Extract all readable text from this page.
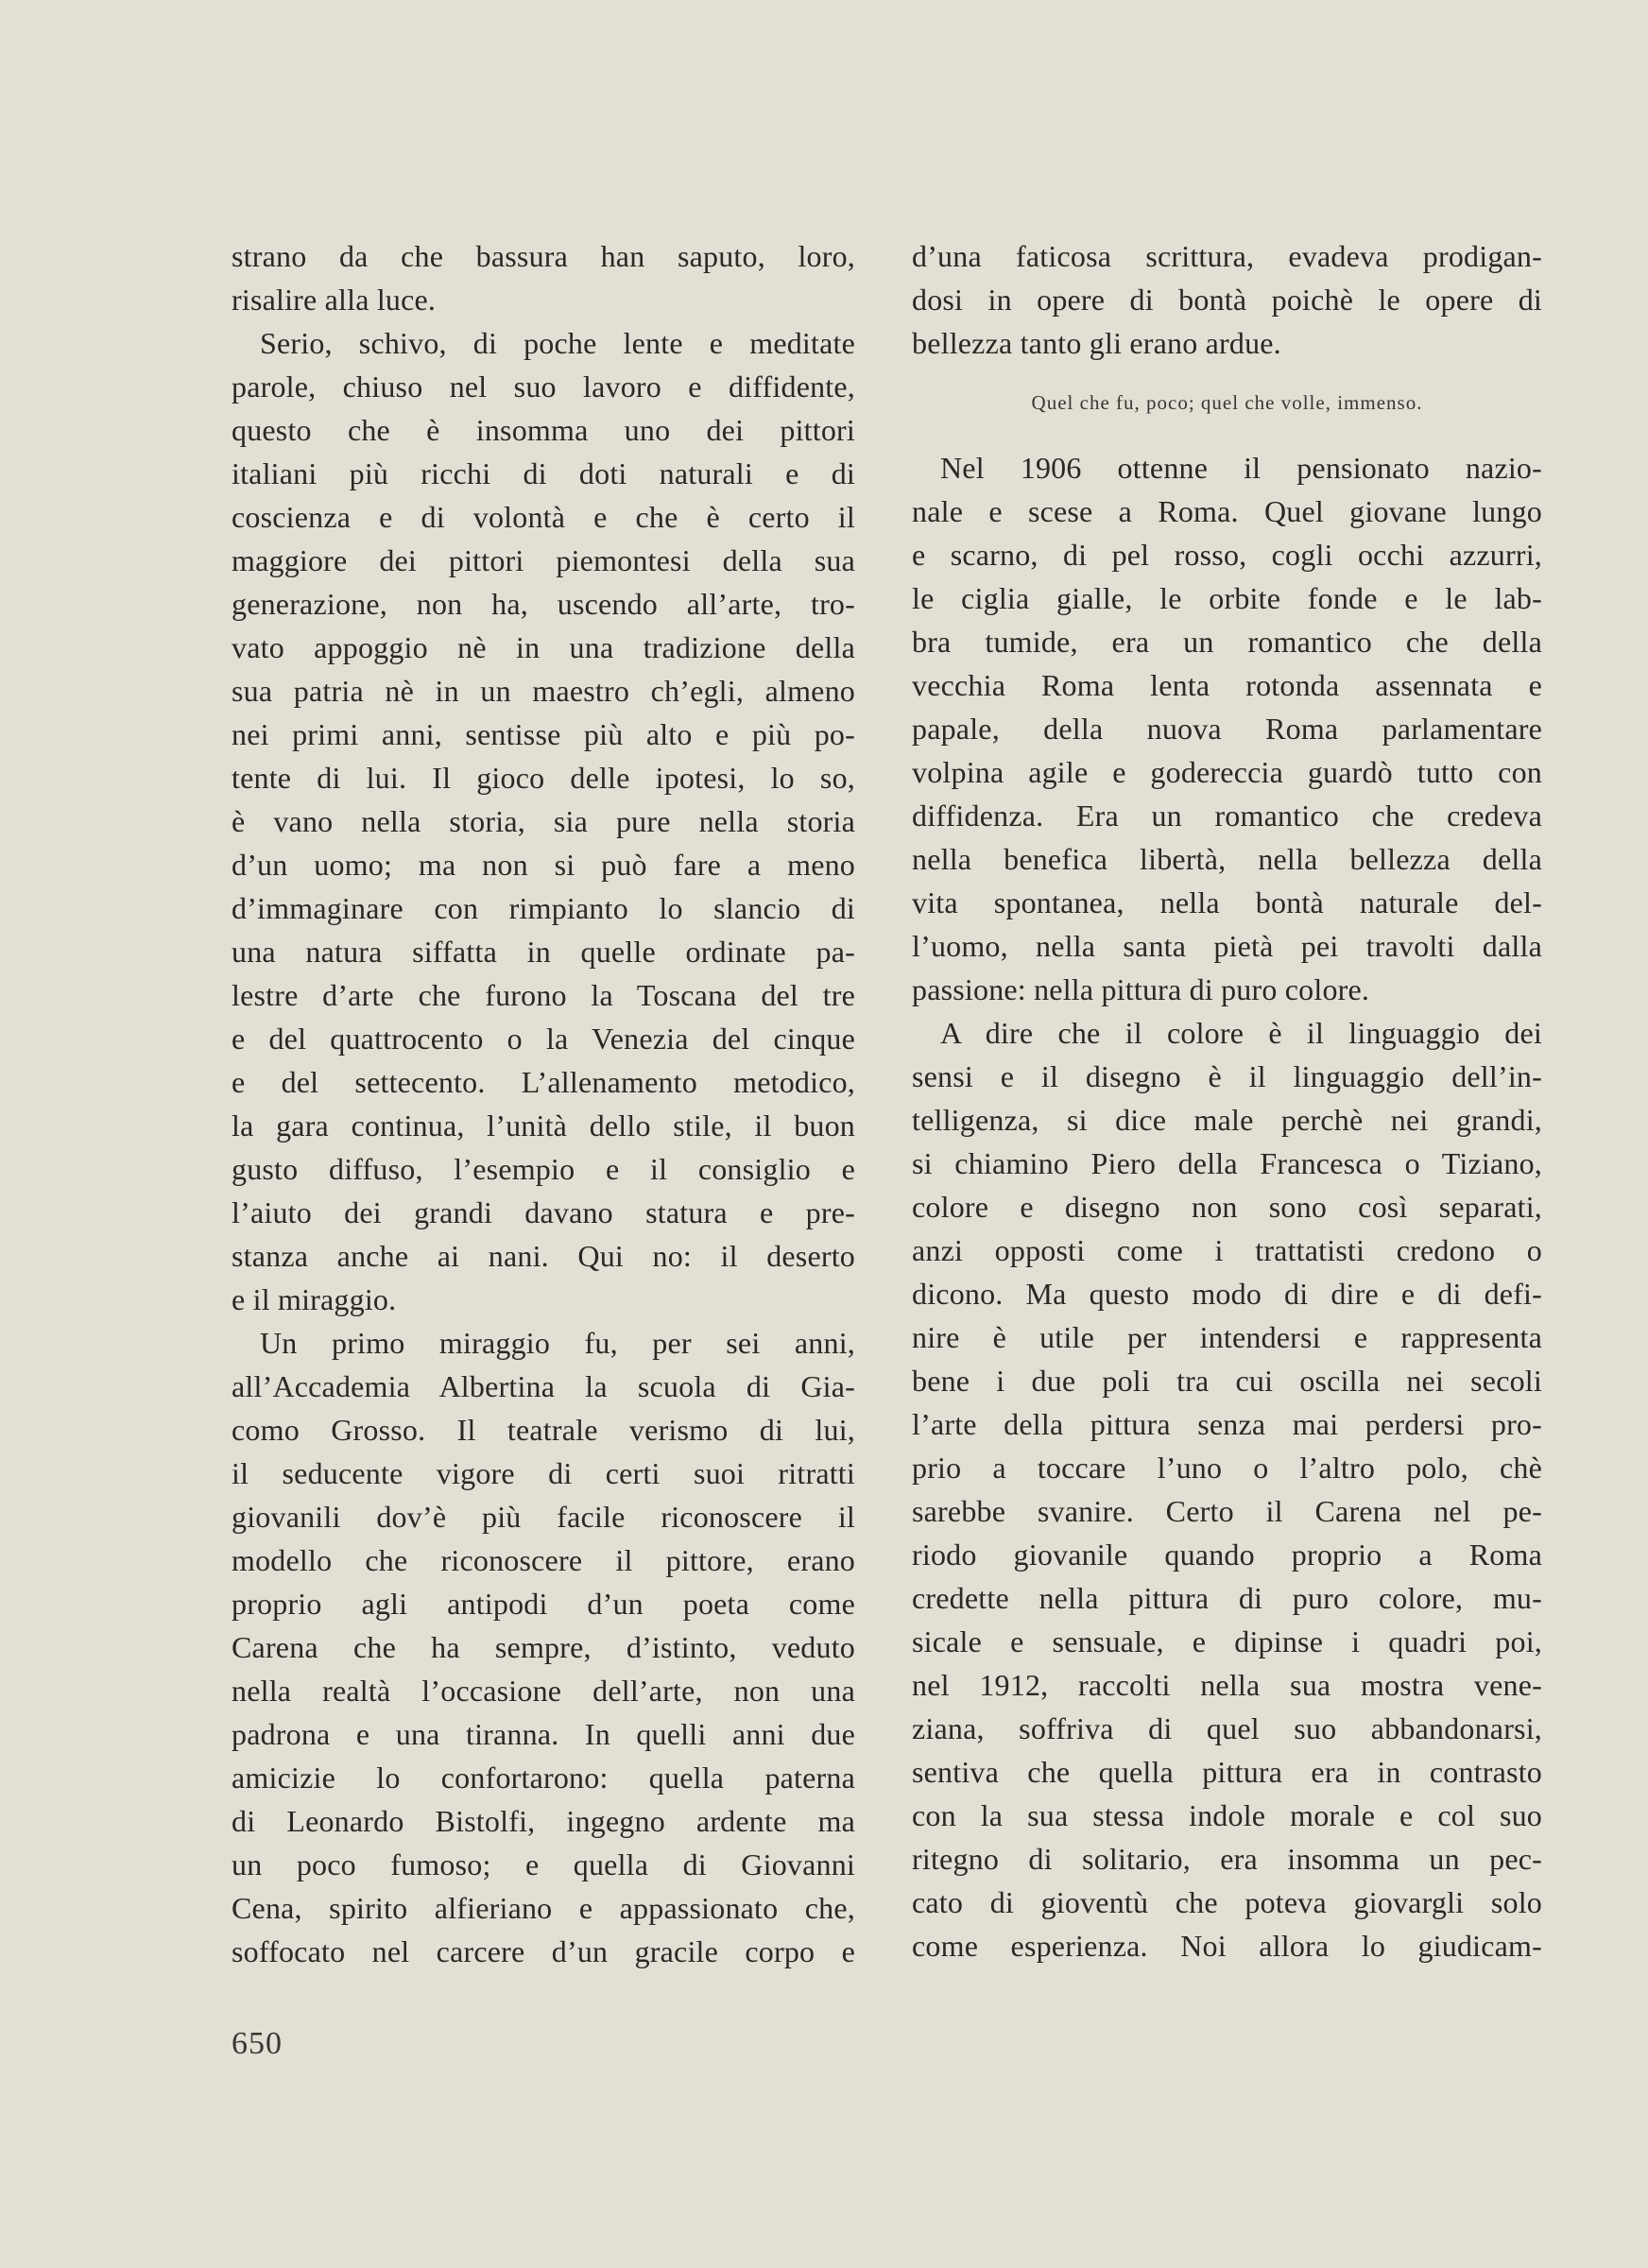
strano da che bassura han saputo, loro,
risalire alla luce.
Serio, schivo, di poche lente e meditate
parole, chiuso nel suo lavoro e diffidente,
questo che è insomma uno dei pittori
italiani più ricchi di doti naturali e di
coscienza e di volontà e che è certo il
maggiore dei pittori piemontesi della sua
generazione, non ha, uscendo all’arte, tro-
vato appoggio nè in una tradizione della
sua patria nè in un maestro ch’egli, almeno
nei primi anni, sentisse più alto e più po-
tente di lui. Il gioco delle ipotesi, lo so,
è vano nella storia, sia pure nella storia
d’un uomo; ma non si può fare a meno
d’immaginare con rimpianto lo slancio di
una natura siffatta in quelle ordinate pa-
lestre d’arte che furono la Toscana del tre
e del quattrocento o la Venezia del cinque
e del settecento. L’allenamento metodico,
la gara continua, l’unità dello stile, il buon
gusto diffuso, l’esempio e il consiglio e
l’aiuto dei grandi davano statura e pre-
stanza anche ai nani. Qui no: il deserto
e il miraggio.
Un primo miraggio fu, per sei anni,
all’Accademia Albertina la scuola di Gia-
como Grosso. Il teatrale verismo di lui,
il seducente vigore di certi suoi ritratti
giovanili dov’è più facile riconoscere il
modello che riconoscere il pittore, erano
proprio agli antipodi d’un poeta come
Carena che ha sempre, d’istinto, veduto
nella realtà l’occasione dell’arte, non una
padrona e una tiranna. In quelli anni due
amicizie lo confortarono: quella paterna
di Leonardo Bistolfi, ingegno ardente ma
un poco fumoso; e quella di Giovanni
Cena, spirito alfieriano e appassionato che,
soffocato nel carcere d’un gracile corpo e
d’una faticosa scrittura, evadeva prodigan-
dosi in opere di bontà poichè le opere di
bellezza tanto gli erano ardue.
Quel che fu, poco; quel che volle, immenso.
Nel 1906 ottenne il pensionato nazio-
nale e scese a Roma. Quel giovane lungo
e scarno, di pel rosso, cogli occhi azzurri,
le ciglia gialle, le orbite fonde e le lab-
bra tumide, era un romantico che della
vecchia Roma lenta rotonda assennata e
papale, della nuova Roma parlamentare
volpina agile e godereccia guardò tutto con
diffidenza. Era un romantico che credeva
nella benefica libertà, nella bellezza della
vita spontanea, nella bontà naturale del-
l’uomo, nella santa pietà pei travolti dalla
passione: nella pittura di puro colore.
A dire che il colore è il linguaggio dei
sensi e il disegno è il linguaggio dell’in-
telligenza, si dice male perchè nei grandi,
si chiamino Piero della Francesca o Tiziano,
colore e disegno non sono così separati,
anzi opposti come i trattatisti credono o
dicono. Ma questo modo di dire e di defi-
nire è utile per intendersi e rappresenta
bene i due poli tra cui oscilla nei secoli
l’arte della pittura senza mai perdersi pro-
prio a toccare l’uno o l’altro polo, chè
sarebbe svanire. Certo il Carena nel pe-
riodo giovanile quando proprio a Roma
credette nella pittura di puro colore, mu-
sicale e sensuale, e dipinse i quadri poi,
nel 1912, raccolti nella sua mostra vene-
ziana, soffriva di quel suo abbandonarsi,
sentiva che quella pittura era in contrasto
con la sua stessa indole morale e col suo
ritegno di solitario, era insomma un pec-
cato di gioventù che poteva giovargli solo
come esperienza. Noi allora lo giudicam-
650
